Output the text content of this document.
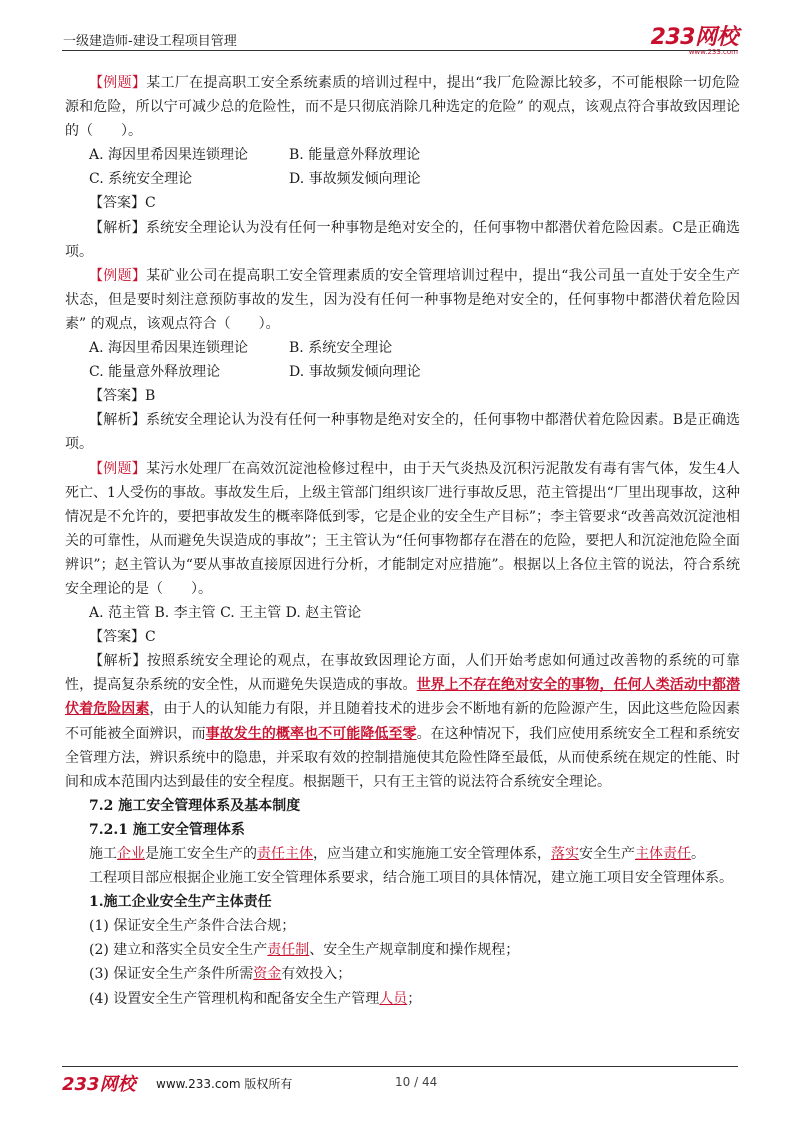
一级建造师-建设工程项目管理	233网校
www.233.com

【例题】某工厂在提高职工安全系统素质的培训过程中，提出“我厂危险源比较多，不可能根除一切危险源和危险，所以宁可减少总的危险性，而不是只彻底消除几种选定的危险” 的观点，该观点符合事故致因理论的（　　）。

A. 海因里希因果连锁理论	B. 能量意外释放理论

C. 系统安全理论	D. 事故频发倾向理论

【答案】C

【解析】系统安全理论认为没有任何一种事物是绝对安全的，任何事物中都潜伏着危险因素。C是正确选项。

【例题】某矿业公司在提高职工安全管理素质的安全管理培训过程中，提出“我公司虽一直处于安全生产状态，但是要时刻注意预防事故的发生，因为没有任何一种事物是绝对安全的，任何事物中都潜伏着危险因素” 的观点，该观点符合（　　）。

A. 海因里希因果连锁理论	B. 系统安全理论

C. 能量意外释放理论	D. 事故频发倾向理论

【答案】B

【解析】系统安全理论认为没有任何一种事物是绝对安全的，任何事物中都潜伏着危险因素。B是正确选项。

【例题】某污水处理厂在高效沉淀池检修过程中，由于天气炎热及沉积污泥散发有毒有害气体，发生4人死亡、1人受伤的事故。事故发生后，上级主管部门组织该厂进行事故反思，范主管提出“厂里出现事故，这种情况是不允许的，要把事故发生的概率降低到零，它是企业的安全生产目标”；李主管要求“改善高效沉淀池相关的可靠性，从而避免失误造成的事故”；王主管认为“任何事物都存在潜在的危险，要把人和沉淀池危险全面辨识”；赵主管认为“要从事故直接原因进行分析，才能制定对应措施”。根据以上各位主管的说法，符合系统安全理论的是（　　）。

A. 范主管 B. 李主管 C. 王主管 D. 赵主管论

【答案】C

【解析】按照系统安全理论的观点，在事故致因理论方面，人们开始考虑如何通过改善物的系统的可靠性，提高复杂系统的安全性，从而避免失误造成的事故。世界上不存在绝对安全的事物，任何人类活动中都潜伏着危险因素，由于人的认知能力有限，并且随着技术的进步会不断地有新的危险源产生，因此这些危险因素不可能被全面辨识，而事故发生的概率也不可能降低至零。在这种情况下，我们应使用系统安全工程和系统安全管理方法，辨识系统中的隐患，并采取有效的控制措施使其危险性降至最低，从而使系统在规定的性能、时间和成本范围内达到最佳的安全程度。根据题干，只有王主管的说法符合系统安全理论。

7.2 施工安全管理体系及基本制度

7.2.1 施工安全管理体系

施工企业是施工安全生产的责任主体，应当建立和实施施工安全管理体系，落实安全生产主体责任。

工程项目部应根据企业施工安全管理体系要求，结合施工项目的具体情况，建立施工项目安全管理体系。

1.施工企业安全生产主体责任

(1) 保证安全生产条件合法合规；

(2) 建立和落实全员安全生产责任制、安全生产规章制度和操作规程；

(3) 保证安全生产条件所需资金有效投入；

(4) 设置安全生产管理机构和配备安全生产管理人员；

233网校 www.233.com 版权所有	10 / 44
